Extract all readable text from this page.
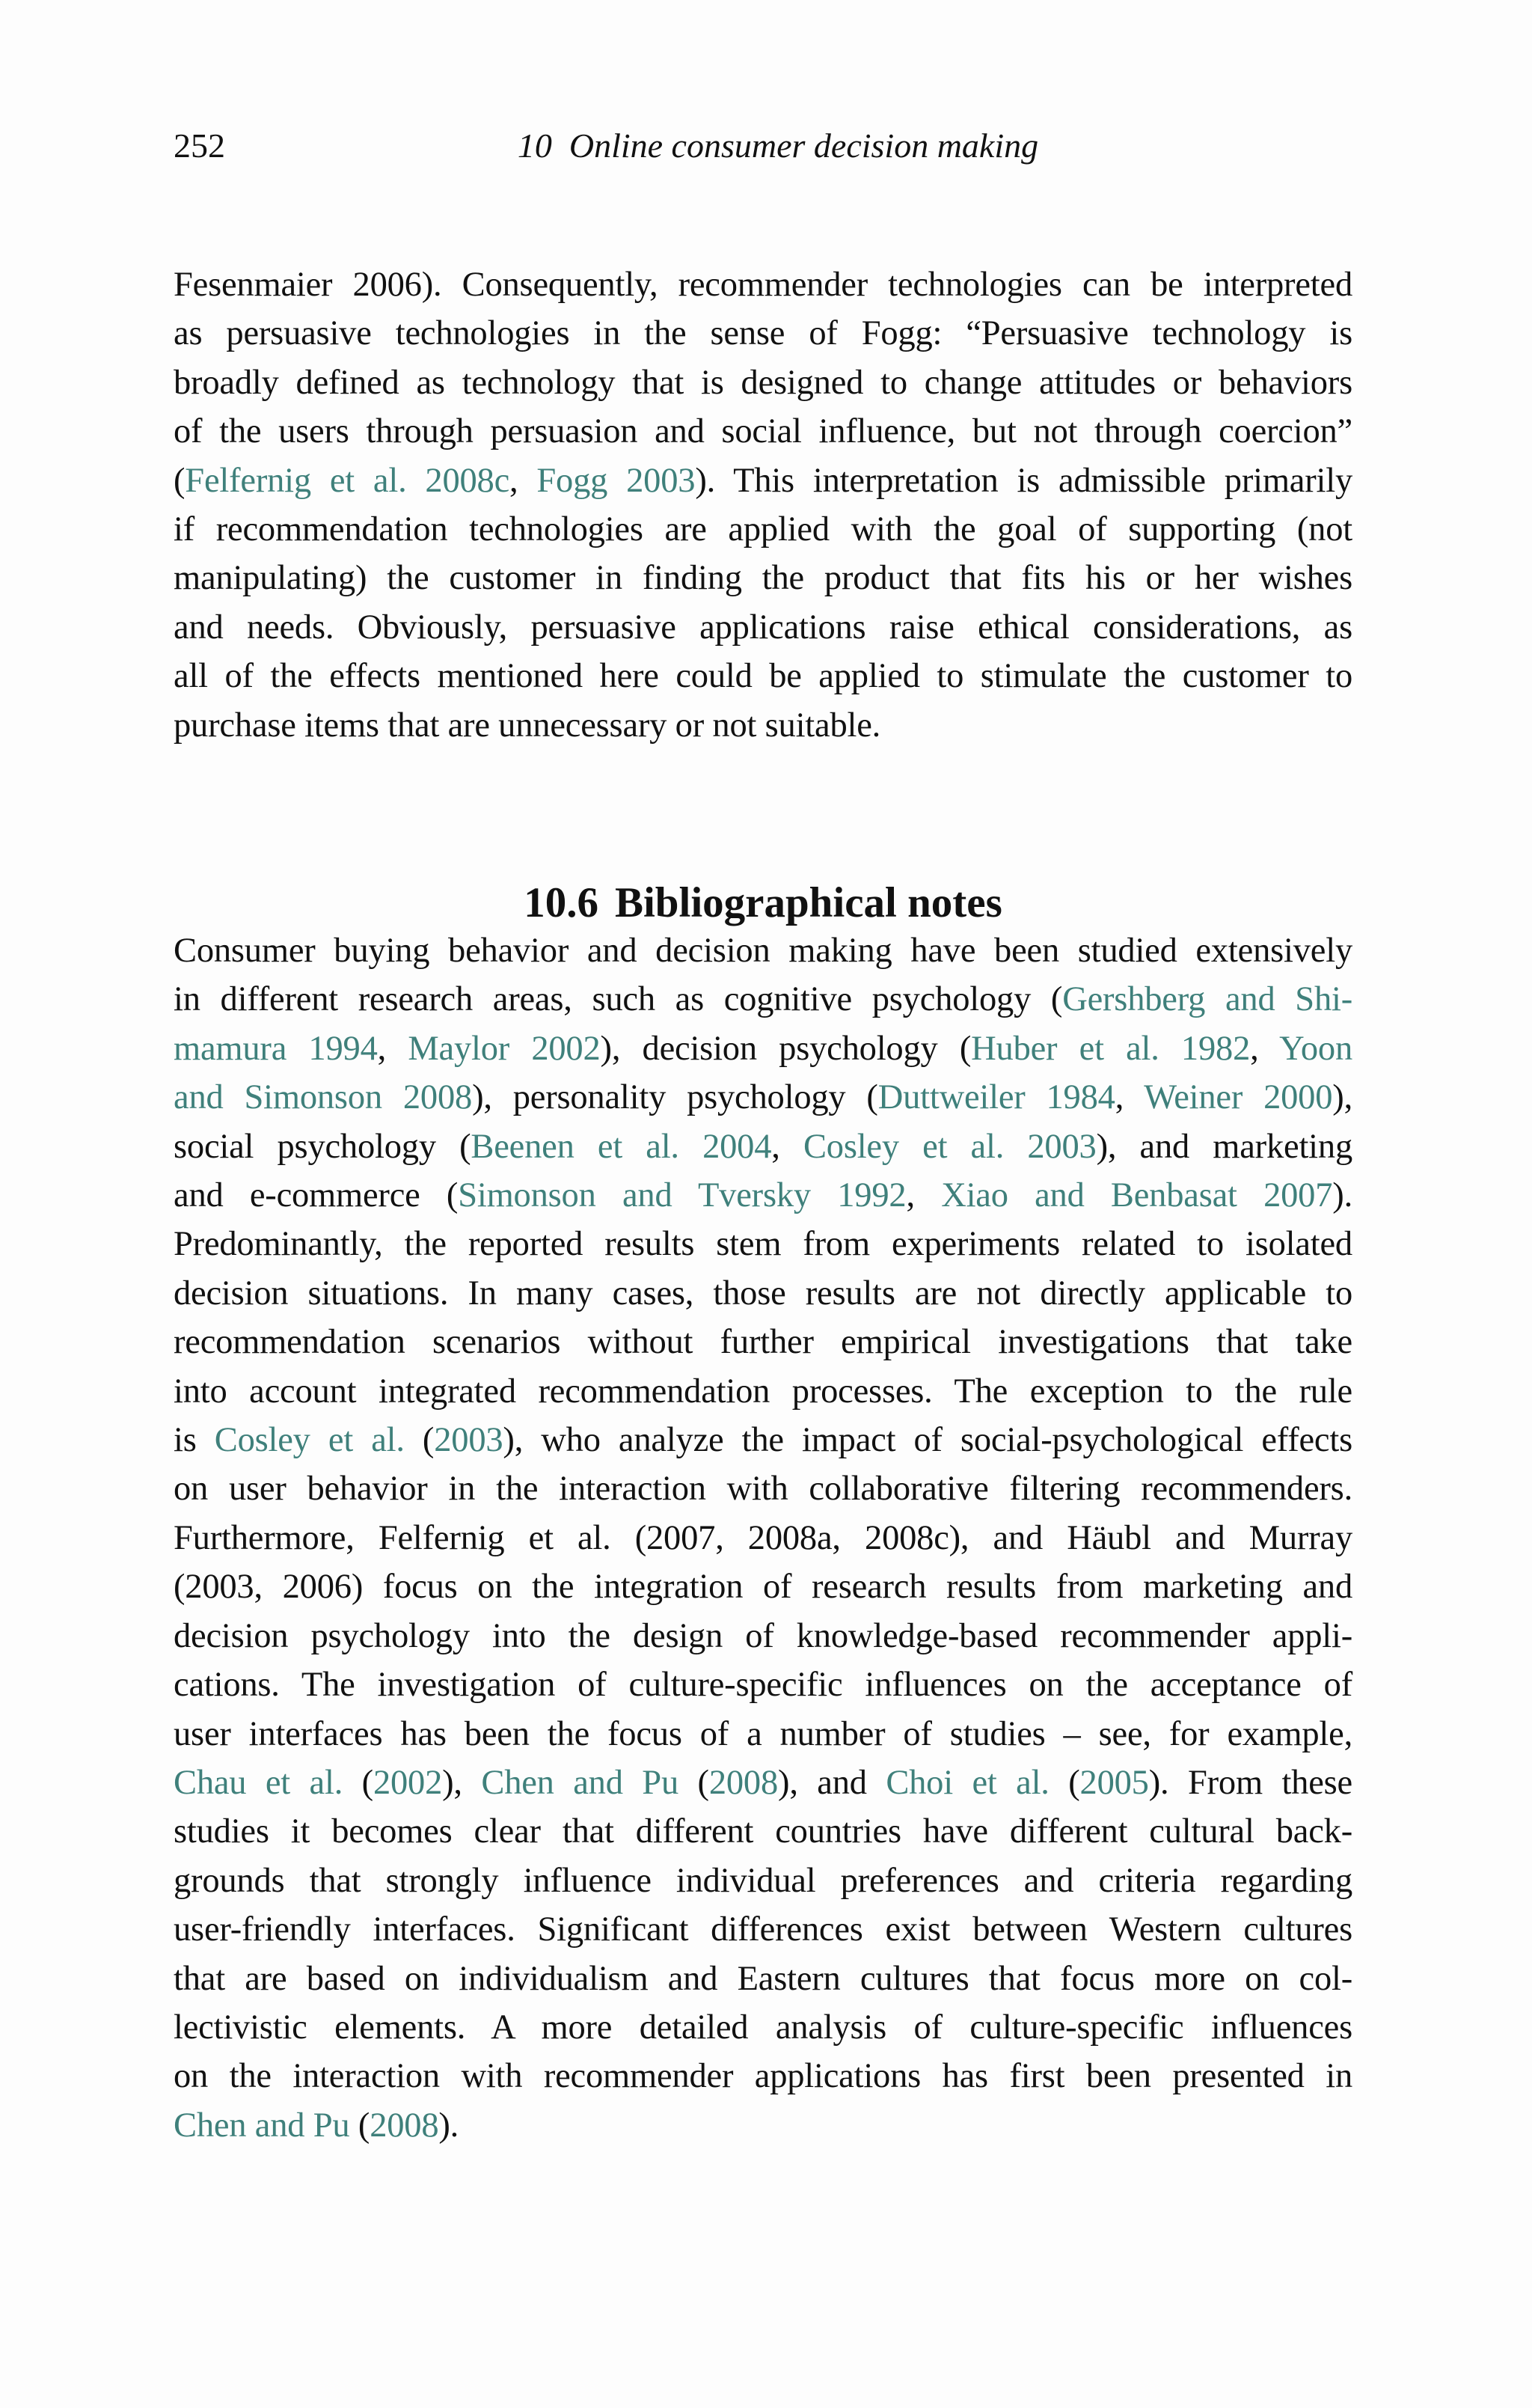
252	10  Online consumer decision making
Fesenmaier 2006). Consequently, recommender technologies can be interpreted
as persuasive technologies in the sense of Fogg: “Persuasive technology is
broadly defined as technology that is designed to change attitudes or behaviors
of the users through persuasion and social influence, but not through coercion”
(Felfernig et al. 2008c, Fogg 2003). This interpretation is admissible primarily
if recommendation technologies are applied with the goal of supporting (not
manipulating) the customer in finding the product that fits his or her wishes
and needs. Obviously, persuasive applications raise ethical considerations, as
all of the effects mentioned here could be applied to stimulate the customer to
purchase items that are unnecessary or not suitable.
10.6 Bibliographical notes
Consumer buying behavior and decision making have been studied extensively
in different research areas, such as cognitive psychology (Gershberg and Shi-
mamura 1994, Maylor 2002), decision psychology (Huber et al. 1982, Yoon
and Simonson 2008), personality psychology (Duttweiler 1984, Weiner 2000),
social psychology (Beenen et al. 2004, Cosley et al. 2003), and marketing
and e-commerce (Simonson and Tversky 1992, Xiao and Benbasat 2007).
Predominantly, the reported results stem from experiments related to isolated
decision situations. In many cases, those results are not directly applicable to
recommendation scenarios without further empirical investigations that take
into account integrated recommendation processes. The exception to the rule
is Cosley et al. (2003), who analyze the impact of social-psychological effects
on user behavior in the interaction with collaborative filtering recommenders.
Furthermore, Felfernig et al. (2007, 2008a, 2008c), and Häubl and Murray
(2003, 2006) focus on the integration of research results from marketing and
decision psychology into the design of knowledge-based recommender appli-
cations. The investigation of culture-specific influences on the acceptance of
user interfaces has been the focus of a number of studies – see, for example,
Chau et al. (2002), Chen and Pu (2008), and Choi et al. (2005). From these
studies it becomes clear that different countries have different cultural back-
grounds that strongly influence individual preferences and criteria regarding
user-friendly interfaces. Significant differences exist between Western cultures
that are based on individualism and Eastern cultures that focus more on col-
lectivistic elements. A more detailed analysis of culture-specific influences
on the interaction with recommender applications has first been presented in
Chen and Pu (2008).
